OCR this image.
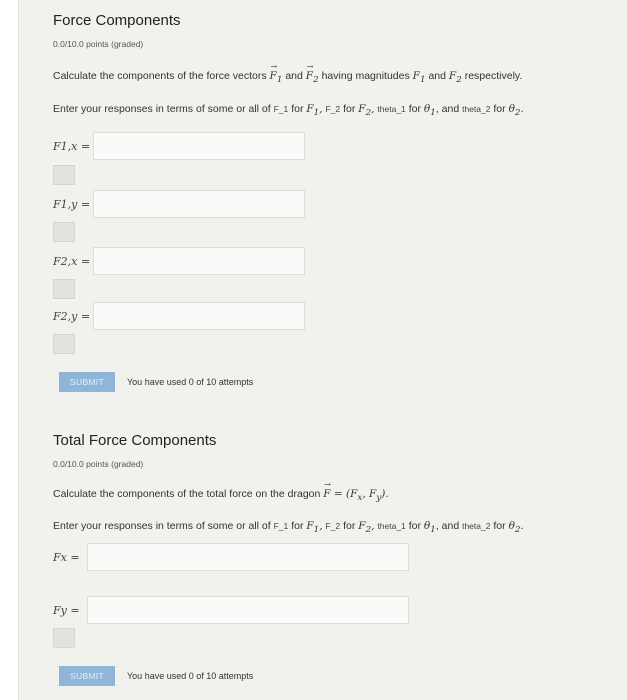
Force Components
0.0/10.0 points (graded)
Calculate the components of the force vectors → $F_1$ and → $F_2$ having magnitudes $F_1$ and $F_2$ respectively.
Enter your responses in terms of some or all of F_1 for $F_1$, F_2 for $F_2$, theta_1 for $\theta_1$, and theta_2 for $\theta_2$.
F1,x =
F1,y =
F2,x =
F2,y =
SUBMIT	You have used 0 of 10 attempts
Total Force Components
0.0/10.0 points (graded)
Calculate the components of the total force on the dragon → $F = (F_x$, $F_y$).
Enter your responses in terms of some or all of F_1 for $F_1$, F_2 for $F_2$, theta_1 for $\theta_1$, and theta_2 for $\theta_2$.
Fx =
Fy =
SUBMIT	You have used 0 of 10 attempts
